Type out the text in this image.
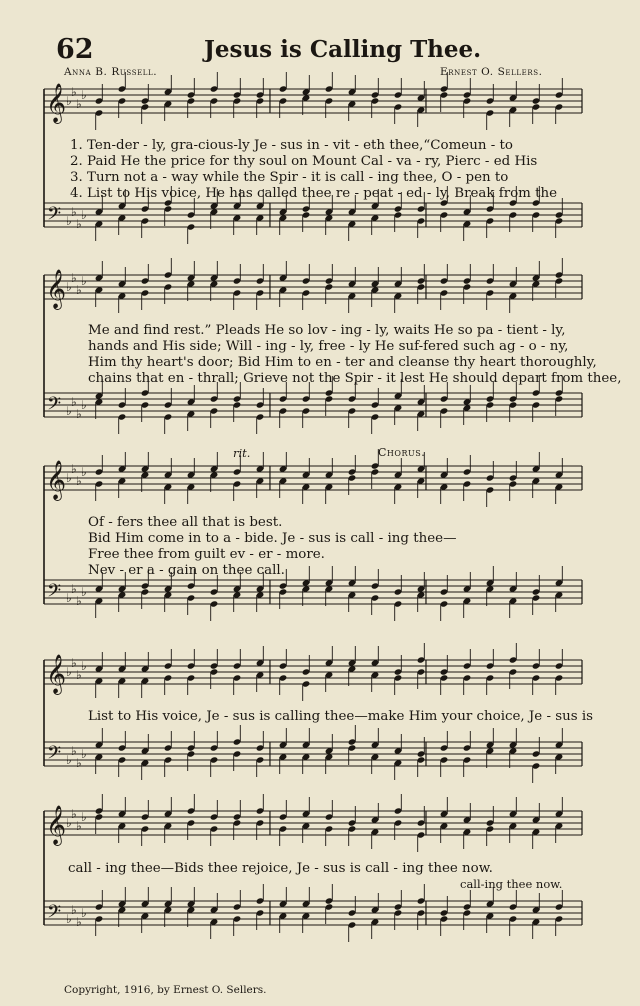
62	Jesus is Calling Thee.
Anna B. Russell.	Ernest O. Sellers.
𝄞
𝄢
♭
♭
♭
♭
♭
♭
♭
♭
𝄞
𝄢
♭
♭
♭
♭
♭
♭
♭
♭
𝄞
𝄢
♭
♭
♭
♭
♭
♭
♭
♭
𝄞
𝄢
♭
♭
♭
♭
♭
♭
♭
♭
𝄞
𝄢
♭
♭
♭
♭
♭
♭
♭
♭
1. Ten-der - ly, gra-cious-ly Je - sus in - vit - eth thee,“Comeun - to
2. Paid He the price for thy soul on Mount Cal - va - ry, Pierc - ed His
3. Turn not a - way while the Spir - it is call - ing thee, O - pen to
4. List to His voice, He has called thee re - peat - ed - ly, Break from the
Me and find rest.” Pleads He so lov - ing - ly, waits He so pa - tient - ly,
hands and His side; Will - ing - ly, free - ly He suf-fered such ag - o - ny,
Him thy heart's door; Bid Him to en - ter and cleanse thy heart thoroughly,
chains that en - thrall; Grieve not the Spir - it lest He should depart from thee,
rit.	Chorus.
Of - fers thee all that is best.
Bid Him come in to a - bide. Je - sus is call - ing thee—
Free thee from guilt ev - er - more.
Nev - er a - gain on thee call.
List to His voice, Je - sus is calling thee—make Him your choice, Je - sus is
call - ing thee—Bids thee rejoice, Je - sus is call - ing thee now.
call-ing thee now.
Copyright, 1916, by Ernest O. Sellers.
